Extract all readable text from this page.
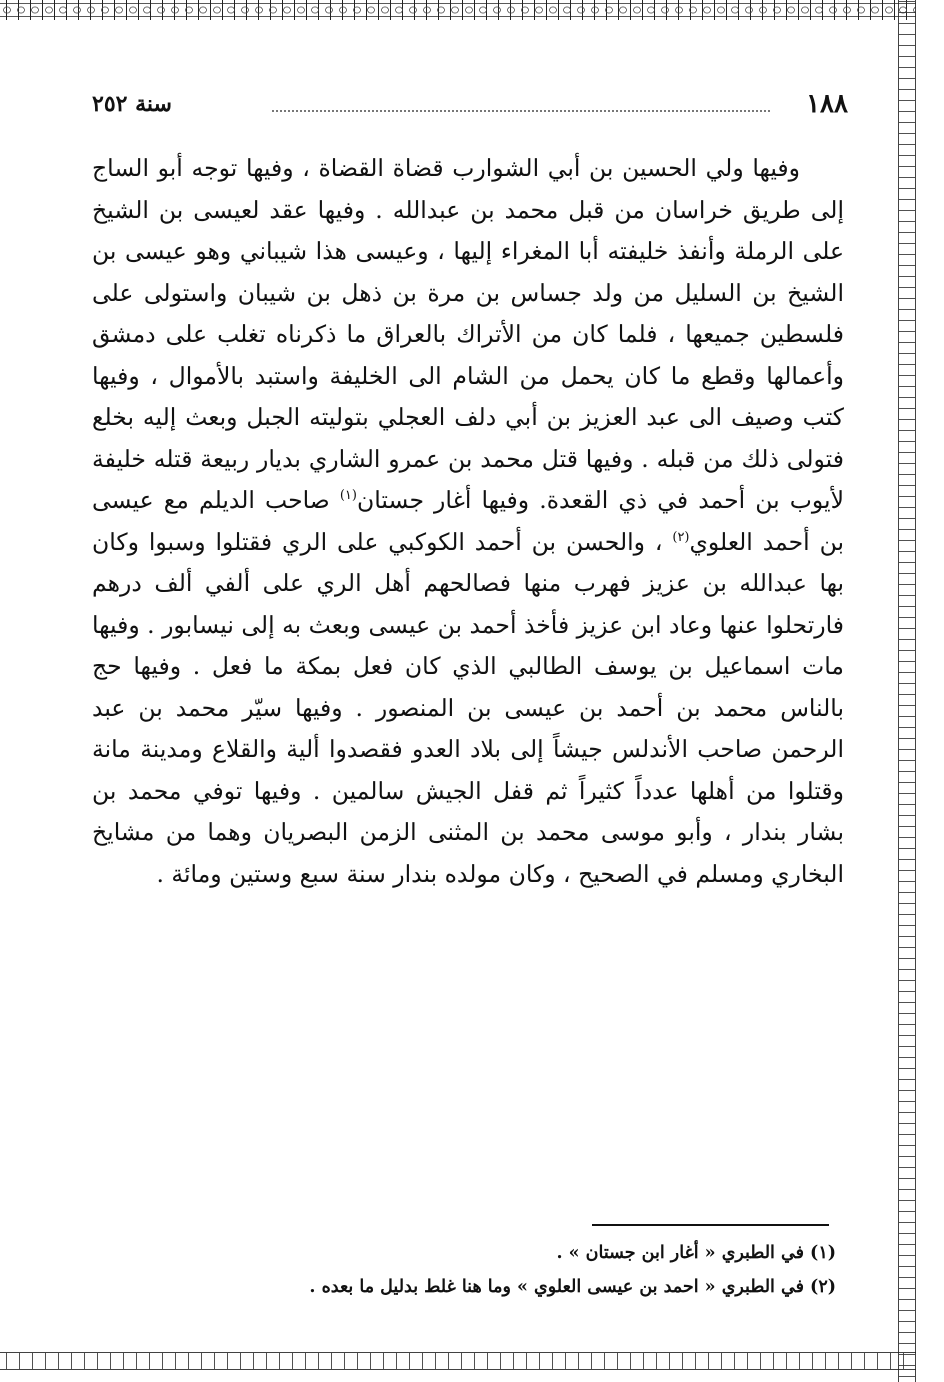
سنة ٢٥٢	١٨٨

وفيها ولي الحسين بن أبي الشوارب قضاة القضاة ، وفيها توجه أبو الساج إلى طريق خراسان من قبل محمد بن عبدالله . وفيها عقد لعيسى بن الشيخ على الرملة وأنفذ خليفته أبا المغراء إليها ، وعيسى هذا شيباني وهو عيسى بن الشيخ بن السليل من ولد جساس بن مرة بن ذهل بن شيبان واستولى على فلسطين جميعها ، فلما كان من الأتراك بالعراق ما ذكرناه تغلب على دمشق وأعمالها وقطع ما كان يحمل من الشام الى الخليفة واستبد بالأموال ، وفيها كتب وصيف الى عبد العزيز بن أبي دلف العجلي بتوليته الجبل وبعث إليه بخلع فتولى ذلك من قبله . وفيها قتل محمد بن عمرو الشاري بديار ربيعة قتله خليفة لأيوب بن أحمد في ذي القعدة. وفيها أغار جستان$^{(١)}$ صاحب الديلم مع عيسى بن أحمد العلوي$^{(٢)}$ ، والحسن بن أحمد الكوكبي على الري فقتلوا وسبوا وكان بها عبدالله بن عزيز فهرب منها فصالحهم أهل الري على ألفي ألف درهم فارتحلوا عنها وعاد ابن عزيز فأخذ أحمد بن عيسى وبعث به إلى نيسابور . وفيها مات اسماعيل بن يوسف الطالبي الذي كان فعل بمكة ما فعل . وفيها حج بالناس محمد بن أحمد بن عيسى بن المنصور . وفيها سيّر محمد بن عبد الرحمن صاحب الأندلس جيشاً إلى بلاد العدو فقصدوا ألية والقلاع ومدينة مانة وقتلوا من أهلها عدداً كثيراً ثم قفل الجيش سالمين . وفيها توفي محمد بن بشار بندار ، وأبو موسى محمد بن المثنى الزمن البصريان وهما من مشايخ البخاري ومسلم في الصحيح ، وكان مولده بندار سنة سبع وستين ومائة .

(١) في الطبري « أغار ابن جستان » .
(٢) في الطبري « احمد بن عيسى العلوي » وما هنا غلط بدليل ما بعده .
